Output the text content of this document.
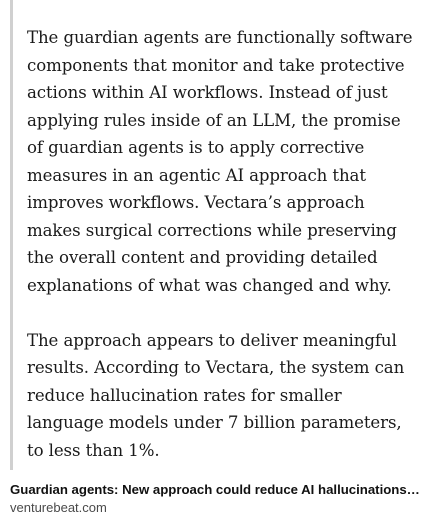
The guardian agents are functionally software components that monitor and take protective actions within AI workflows. Instead of just applying rules inside of an LLM, the promise of guardian agents is to apply corrective measures in an agentic AI approach that improves workflows. Vectara’s approach makes surgical corrections while preserving the overall content and providing detailed explanations of what was changed and why.

The approach appears to deliver meaningful results. According to Vectara, the system can reduce hallucination rates for smaller language models under 7 billion parameters, to less than 1%.

Guardian agents: New approach could reduce AI hallucinations…
venturebeat.com
